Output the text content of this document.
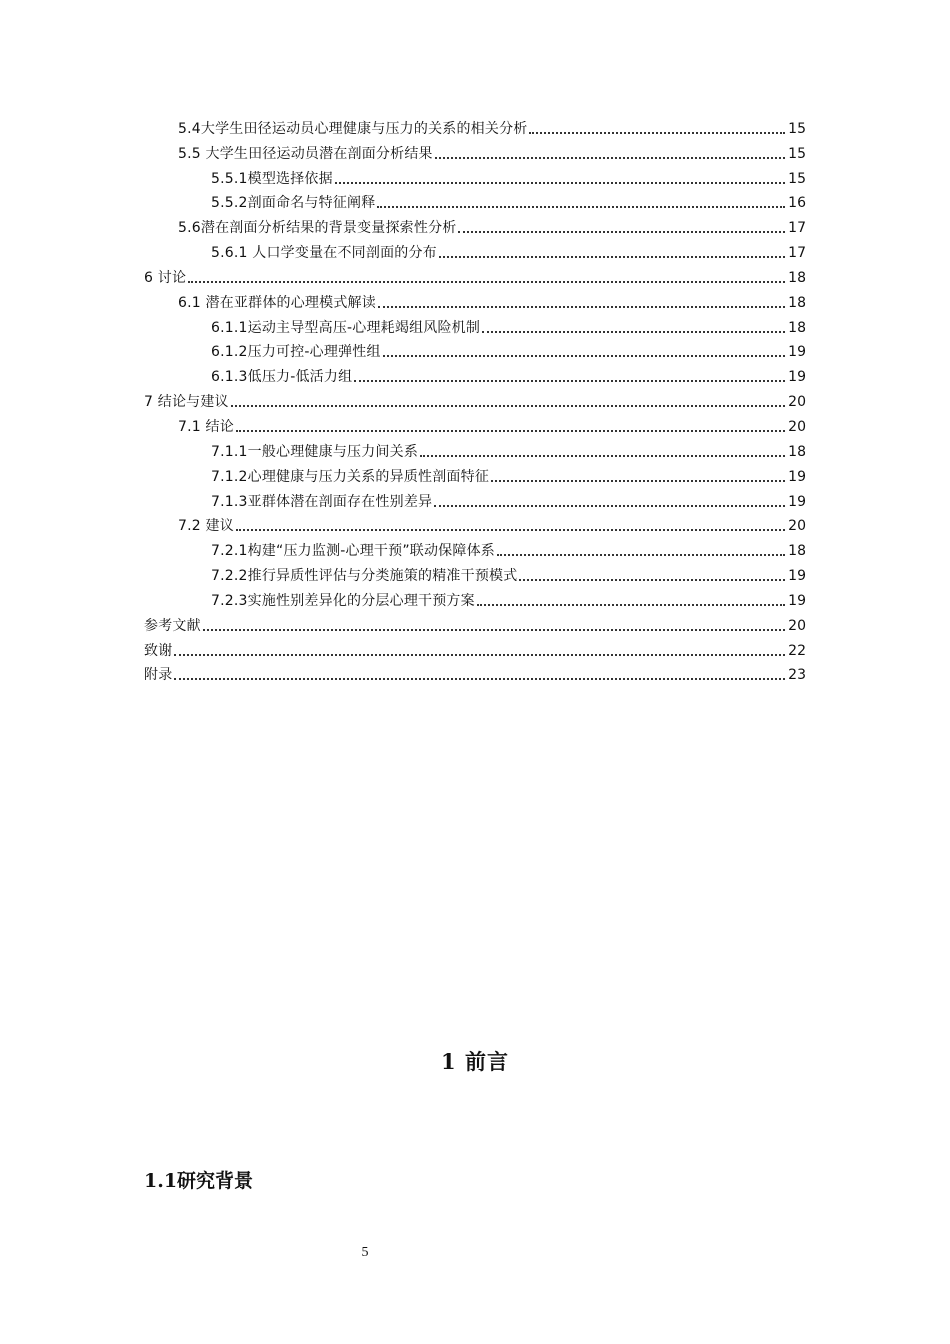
5.4大学生田径运动员心理健康与压力的关系的相关分析	15
5.5 大学生田径运动员潜在剖面分析结果	15
5.5.1模型选择依据	15
5.5.2剖面命名与特征阐释	16
5.6潜在剖面分析结果的背景变量探索性分析	17
5.6.1 人口学变量在不同剖面的分布	17
6 讨论	18
6.1 潜在亚群体的心理模式解读	18
6.1.1运动主导型高压-心理耗竭组风险机制	18
6.1.2压力可控-心理弹性组	19
6.1.3低压力-低活力组	19
7 结论与建议	20
7.1 结论	20
7.1.1一般心理健康与压力间关系	18
7.1.2心理健康与压力关系的异质性剖面特征	19
7.1.3亚群体潜在剖面存在性别差异	19
7.2 建议	20
7.2.1构建“压力监测-心理干预”联动保障体系	18
7.2.2推行异质性评估与分类施策的精准干预模式	19
7.2.3实施性别差异化的分层心理干预方案	19
参考文献	20
致谢	22
附录	23
1 前言
1.1研究背景
5
